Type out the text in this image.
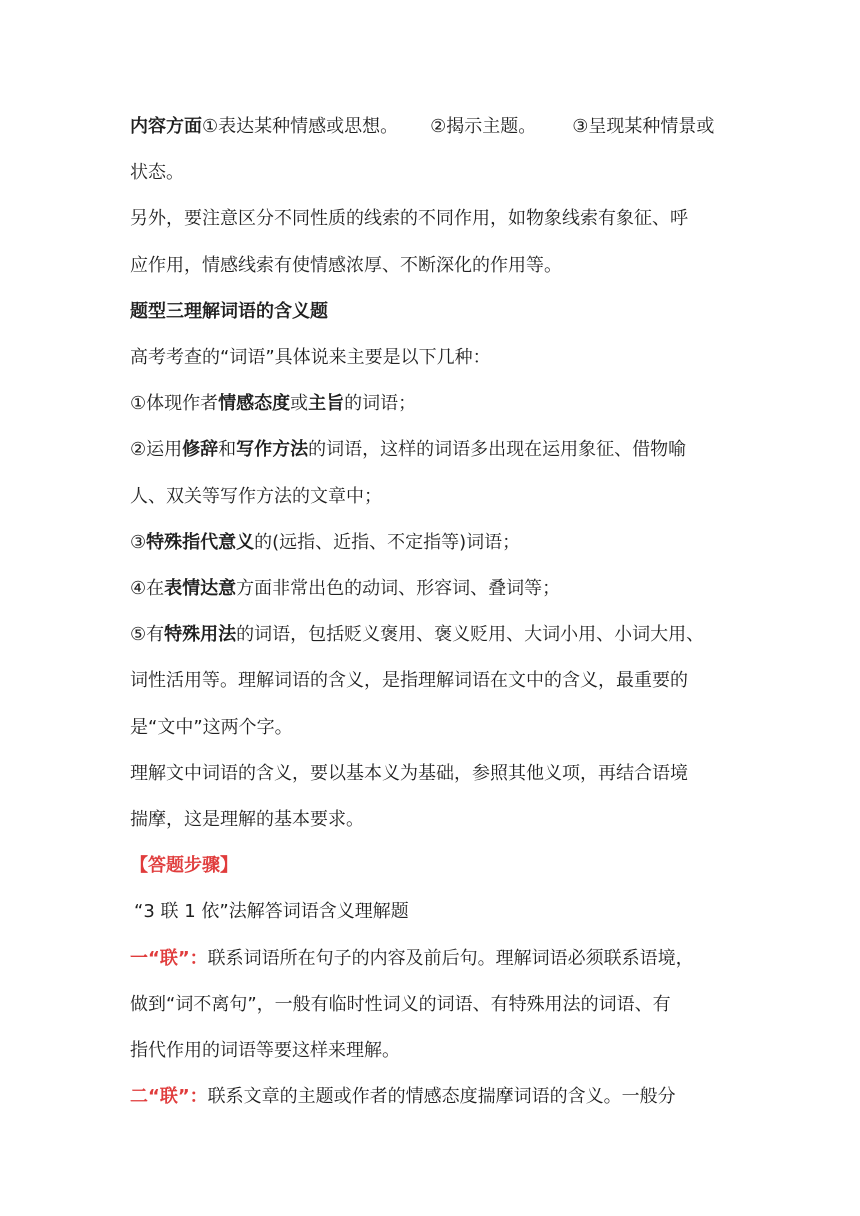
内容方面①表达某种情感或思想。 ②揭示主题。 ③呈现某种情景或

状态。

另外，要注意区分不同性质的线索的不同作用，如物象线索有象征、呼

应作用，情感线索有使情感浓厚、不断深化的作用等。

题型三理解词语的含义题

高考考查的“词语”具体说来主要是以下几种：

①体现作者情感态度或主旨的词语；

②运用修辞和写作方法的词语，这样的词语多出现在运用象征、借物喻

人、双关等写作方法的文章中；

③特殊指代意义的(远指、近指、不定指等)词语；

④在表情达意方面非常出色的动词、形容词、叠词等；

⑤有特殊用法的词语，包括贬义褒用、褒义贬用、大词小用、小词大用、

词性活用等。理解词语的含义，是指理解词语在文中的含义，最重要的

是“文中”这两个字。

理解文中词语的含义，要以基本义为基础，参照其他义项，再结合语境

揣摩，这是理解的基本要求。

【答题步骤】

“3 联 1 依”法解答词语含义理解题

一“联”：联系词语所在句子的内容及前后句。理解词语必须联系语境，

做到“词不离句”，一般有临时性词义的词语、有特殊用法的词语、有

指代作用的词语等要这样来理解。

二“联”：联系文章的主题或作者的情感态度揣摩词语的含义。一般分
